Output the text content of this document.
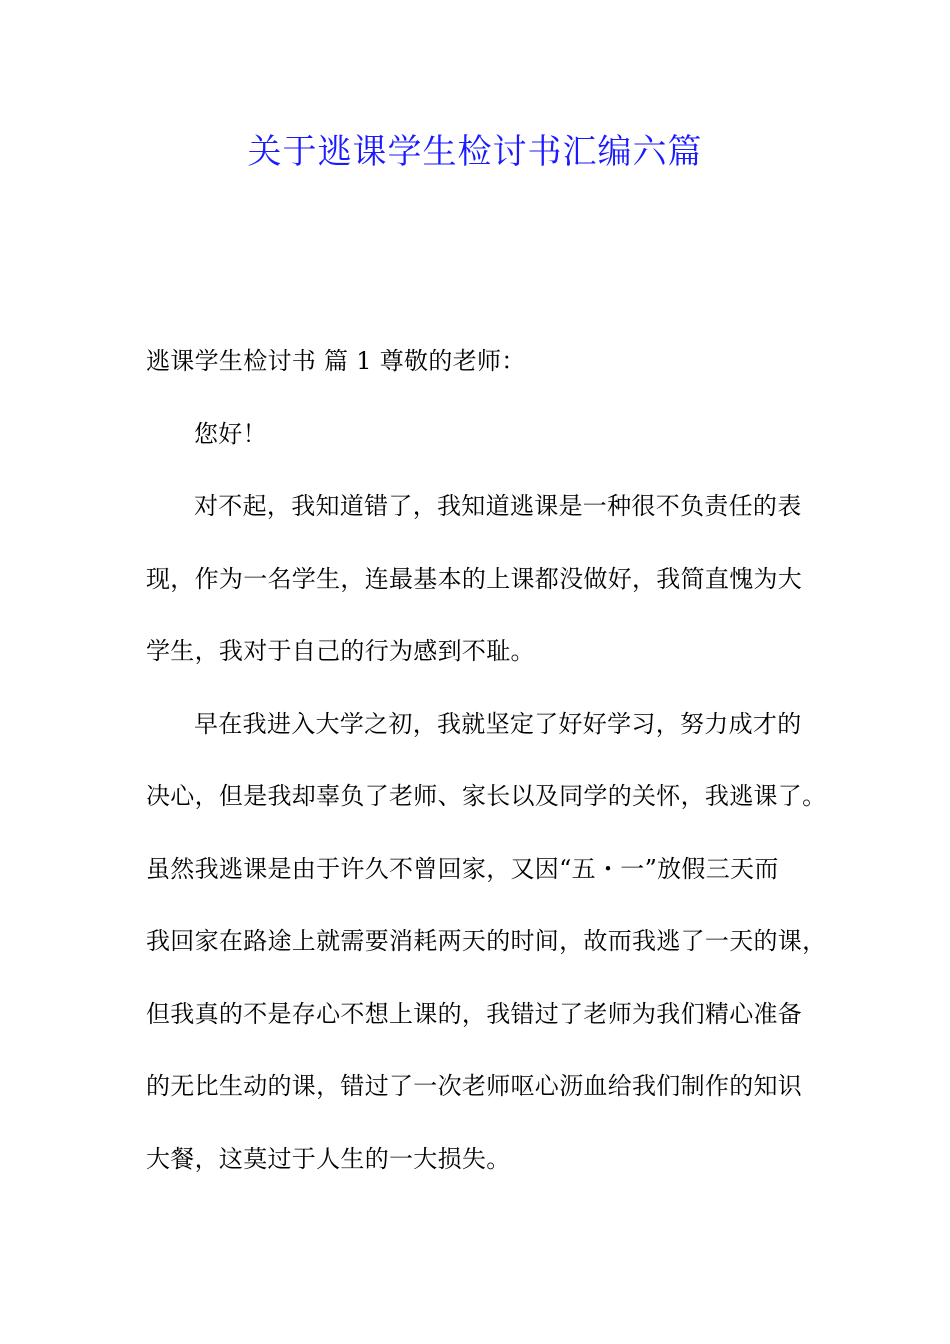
关于逃课学生检讨书汇编六篇
逃课学生检讨书 篇 1 尊敬的老师：
您好！
对不起，我知道错了，我知道逃课是一种很不负责任的表
现，作为一名学生，连最基本的上课都没做好，我简直愧为大
学生，我对于自己的行为感到不耻。
早在我进入大学之初，我就坚定了好好学习，努力成才的
决心，但是我却辜负了老师、家长以及同学的关怀，我逃课了。
虽然我逃课是由于许久不曾回家，又因“五・一”放假三天而
我回家在路途上就需要消耗两天的时间，故而我逃了一天的课，
但我真的不是存心不想上课的，我错过了老师为我们精心准备
的无比生动的课，错过了一次老师呕心沥血给我们制作的知识
大餐，这莫过于人生的一大损失。
